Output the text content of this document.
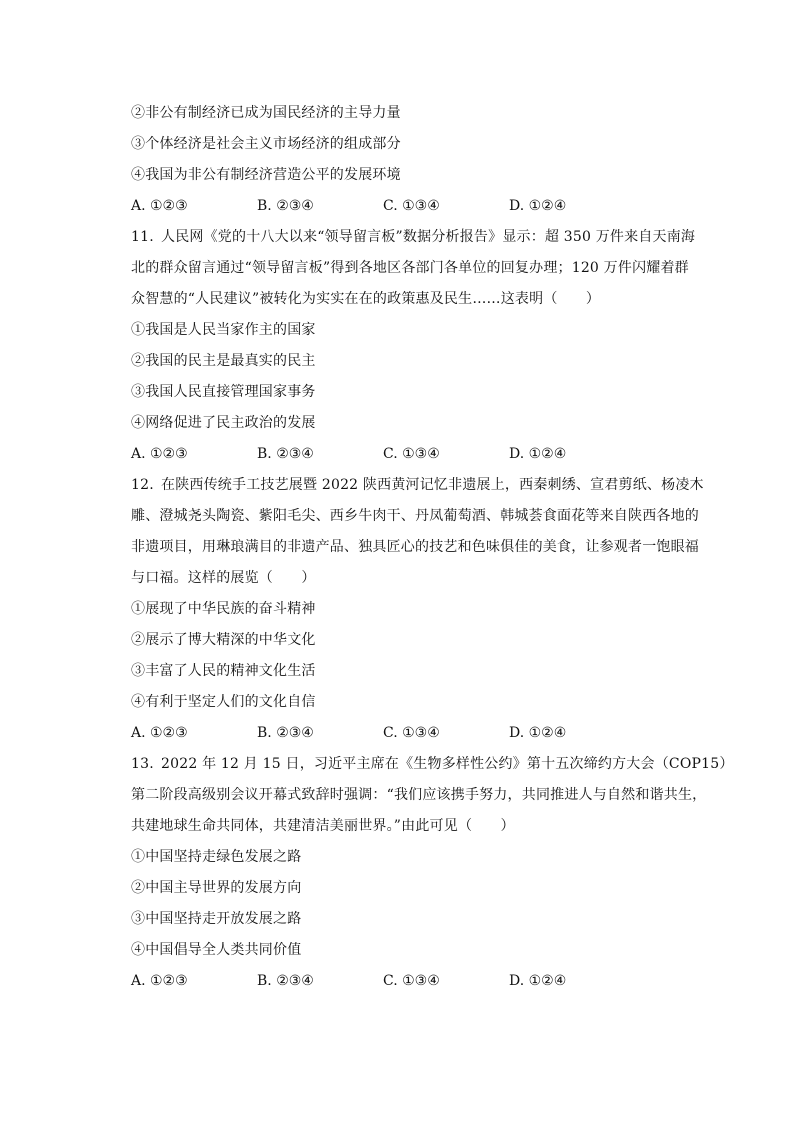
②非公有制经济已成为国民经济的主导力量
③个体经济是社会主义市场经济的组成部分
④我国为非公有制经济营造公平的发展环境
A. ①②③	B. ②③④	C. ①③④	D. ①②④
11. 人民网《党的十八大以来“领导留言板”数据分析报告》显示：超 350 万件来自天南海
北的群众留言通过“领导留言板”得到各地区各部门各单位的回复办理；120 万件闪耀着群
众智慧的“人民建议”被转化为实实在在的政策惠及民生……这表明（　　）
①我国是人民当家作主的国家
②我国的民主是最真实的民主
③我国人民直接管理国家事务
④网络促进了民主政治的发展
A. ①②③	B. ②③④	C. ①③④	D. ①②④
12. 在陕西传统手工技艺展暨 2022 陕西黄河记忆非遗展上，西秦刺绣、宣君剪纸、杨凌木
雕、澄城尧头陶瓷、紫阳毛尖、西乡牛肉干、丹凤葡萄酒、韩城荟食面花等来自陕西各地的
非遗项目，用琳琅满目的非遗产品、独具匠心的技艺和色味俱佳的美食，让参观者一饱眼福
与口福。这样的展览（　　）
①展现了中华民族的奋斗精神
②展示了博大精深的中华文化
③丰富了人民的精神文化生活
④有利于坚定人们的文化自信
A. ①②③	B. ②③④	C. ①③④	D. ①②④
13. 2022 年 12 月 15 日，习近平主席在《生物多样性公约》第十五次缔约方大会（COP15）
第二阶段高级别会议开幕式致辞时强调：“我们应该携手努力，共同推进人与自然和谐共生，
共建地球生命共同体，共建清洁美丽世界。”由此可见（　　）
①中国坚持走绿色发展之路
②中国主导世界的发展方向
③中国坚持走开放发展之路
④中国倡导全人类共同价值
A. ①②③	B. ②③④	C. ①③④	D. ①②④
